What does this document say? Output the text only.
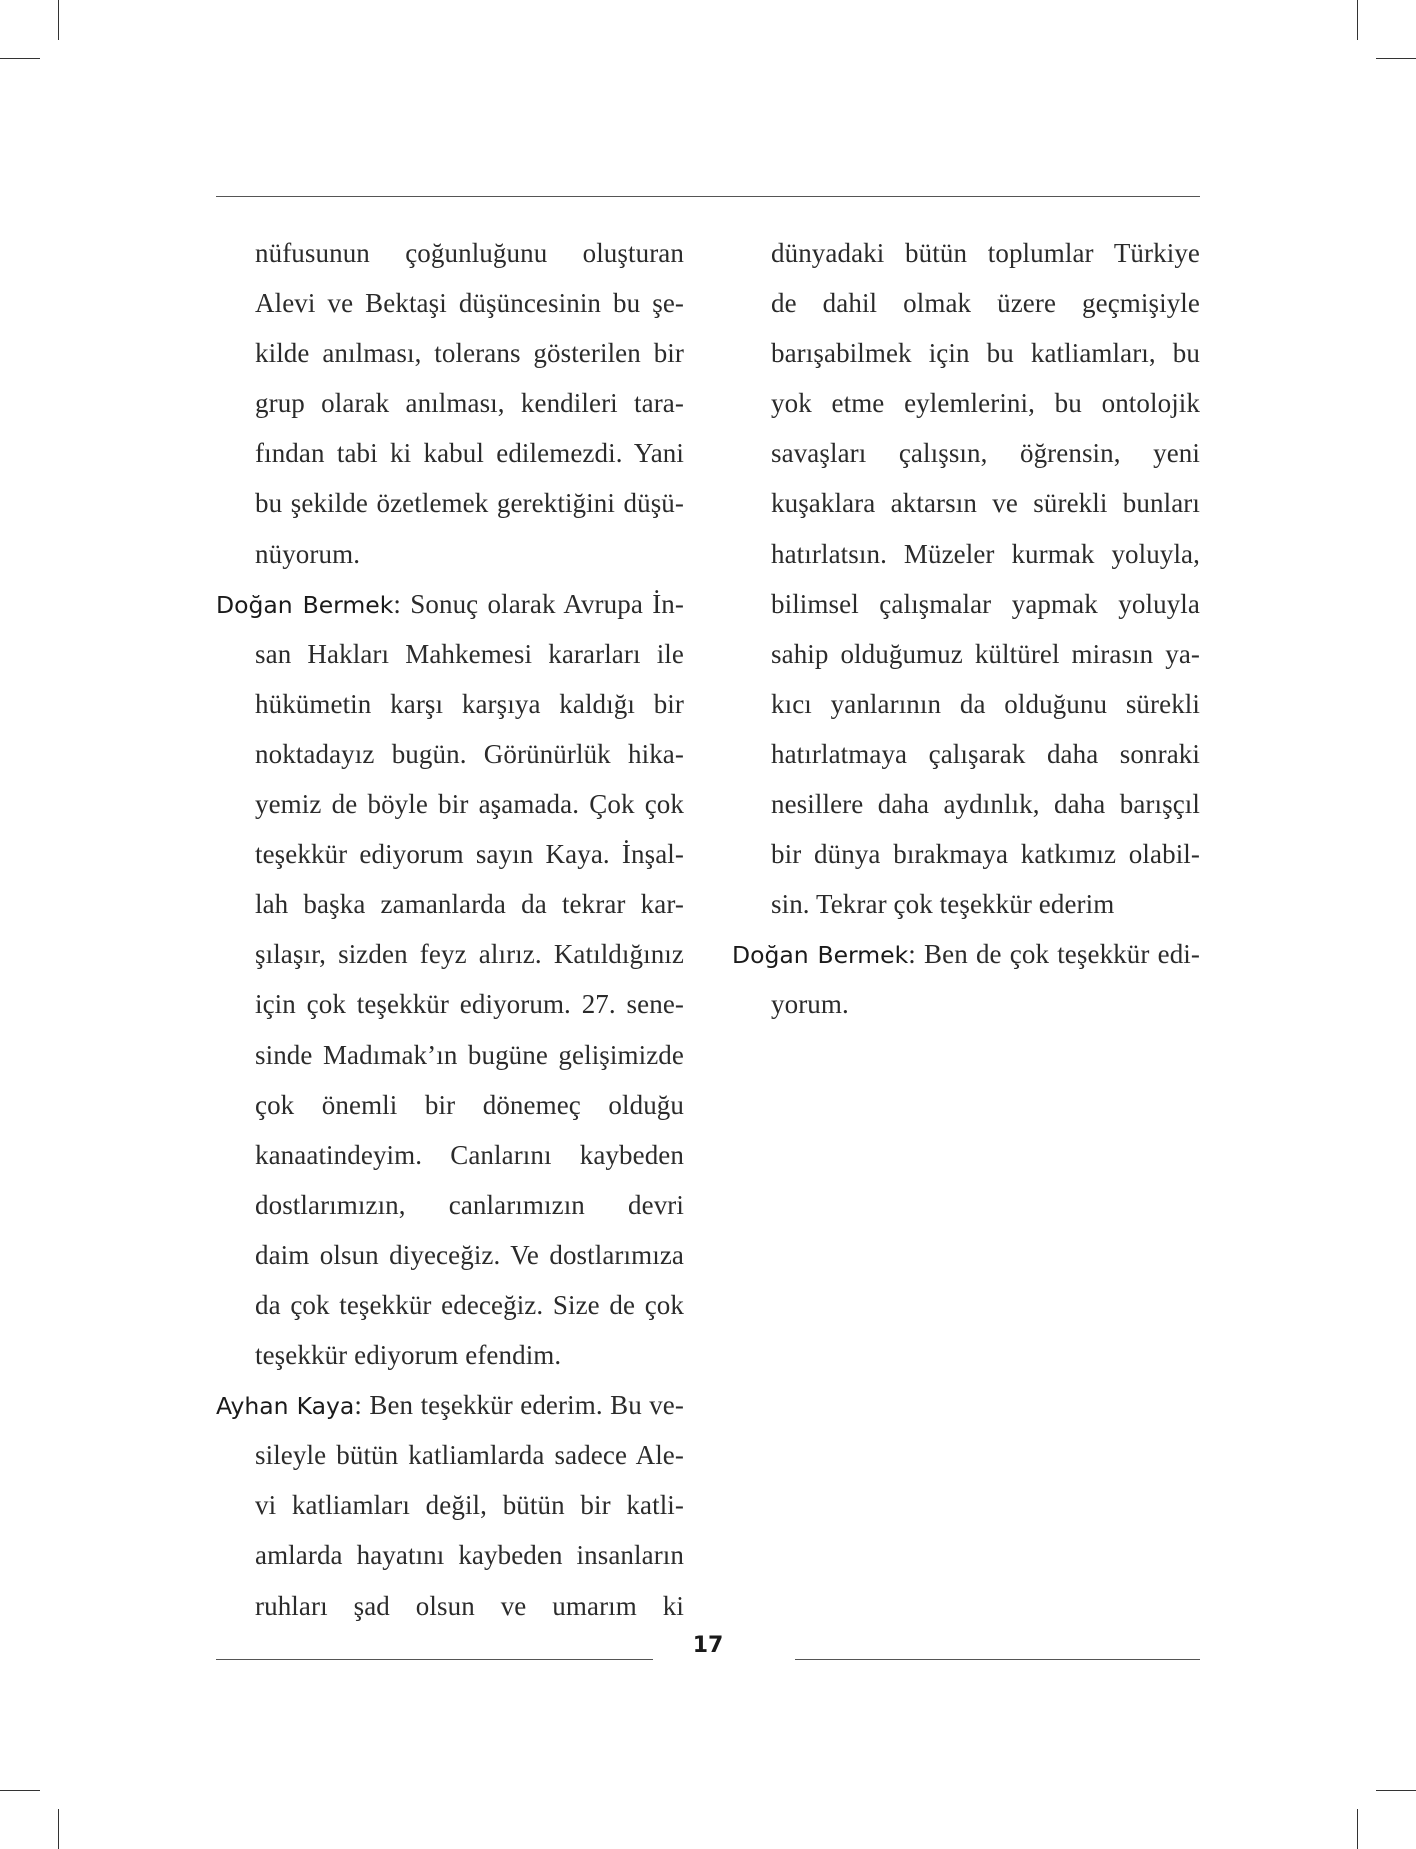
nüfusunun çoğunluğunu oluşturan
Alevi ve Bektaşi düşüncesinin bu şe-
kilde anılması, tolerans gösterilen bir
grup olarak anılması, kendileri tara-
fından tabi ki kabul edilemezdi. Yani
bu şekilde özetlemek gerektiğini düşü-
nüyorum.
Doğan Bermek: Sonuç olarak Avrupa İn-
san Hakları Mahkemesi kararları ile
hükümetin karşı karşıya kaldığı bir
noktadayız bugün. Görünürlük hika-
yemiz de böyle bir aşamada. Çok çok
teşekkür ediyorum sayın Kaya. İnşal-
lah başka zamanlarda da tekrar kar-
şılaşır, sizden feyz alırız. Katıldığınız
için çok teşekkür ediyorum. 27. sene-
sinde Madımak’ın bugüne gelişimizde
çok önemli bir dönemeç olduğu
kanaatindeyim. Canlarını kaybeden
dostlarımızın, canlarımızın devri
daim olsun diyeceğiz. Ve dostlarımıza
da çok teşekkür edeceğiz. Size de çok
teşekkür ediyorum efendim.
Ayhan Kaya: Ben teşekkür ederim. Bu ve-
sileyle bütün katliamlarda sadece Ale-
vi katliamları değil, bütün bir katli-
amlarda hayatını kaybeden insanların
ruhları şad olsun ve umarım ki
dünyadaki bütün toplumlar Türkiye
de dahil olmak üzere geçmişiyle
barışabilmek için bu katliamları, bu
yok etme eylemlerini, bu ontolojik
savaşları çalışsın, öğrensin, yeni
kuşaklara aktarsın ve sürekli bunları
hatırlatsın. Müzeler kurmak yoluyla,
bilimsel çalışmalar yapmak yoluyla
sahip olduğumuz kültürel mirasın ya-
kıcı yanlarının da olduğunu sürekli
hatırlatmaya çalışarak daha sonraki
nesillere daha aydınlık, daha barışçıl
bir dünya bırakmaya katkımız olabil-
sin. Tekrar çok teşekkür ederim
Doğan Bermek: Ben de çok teşekkür edi-
yorum.
17
